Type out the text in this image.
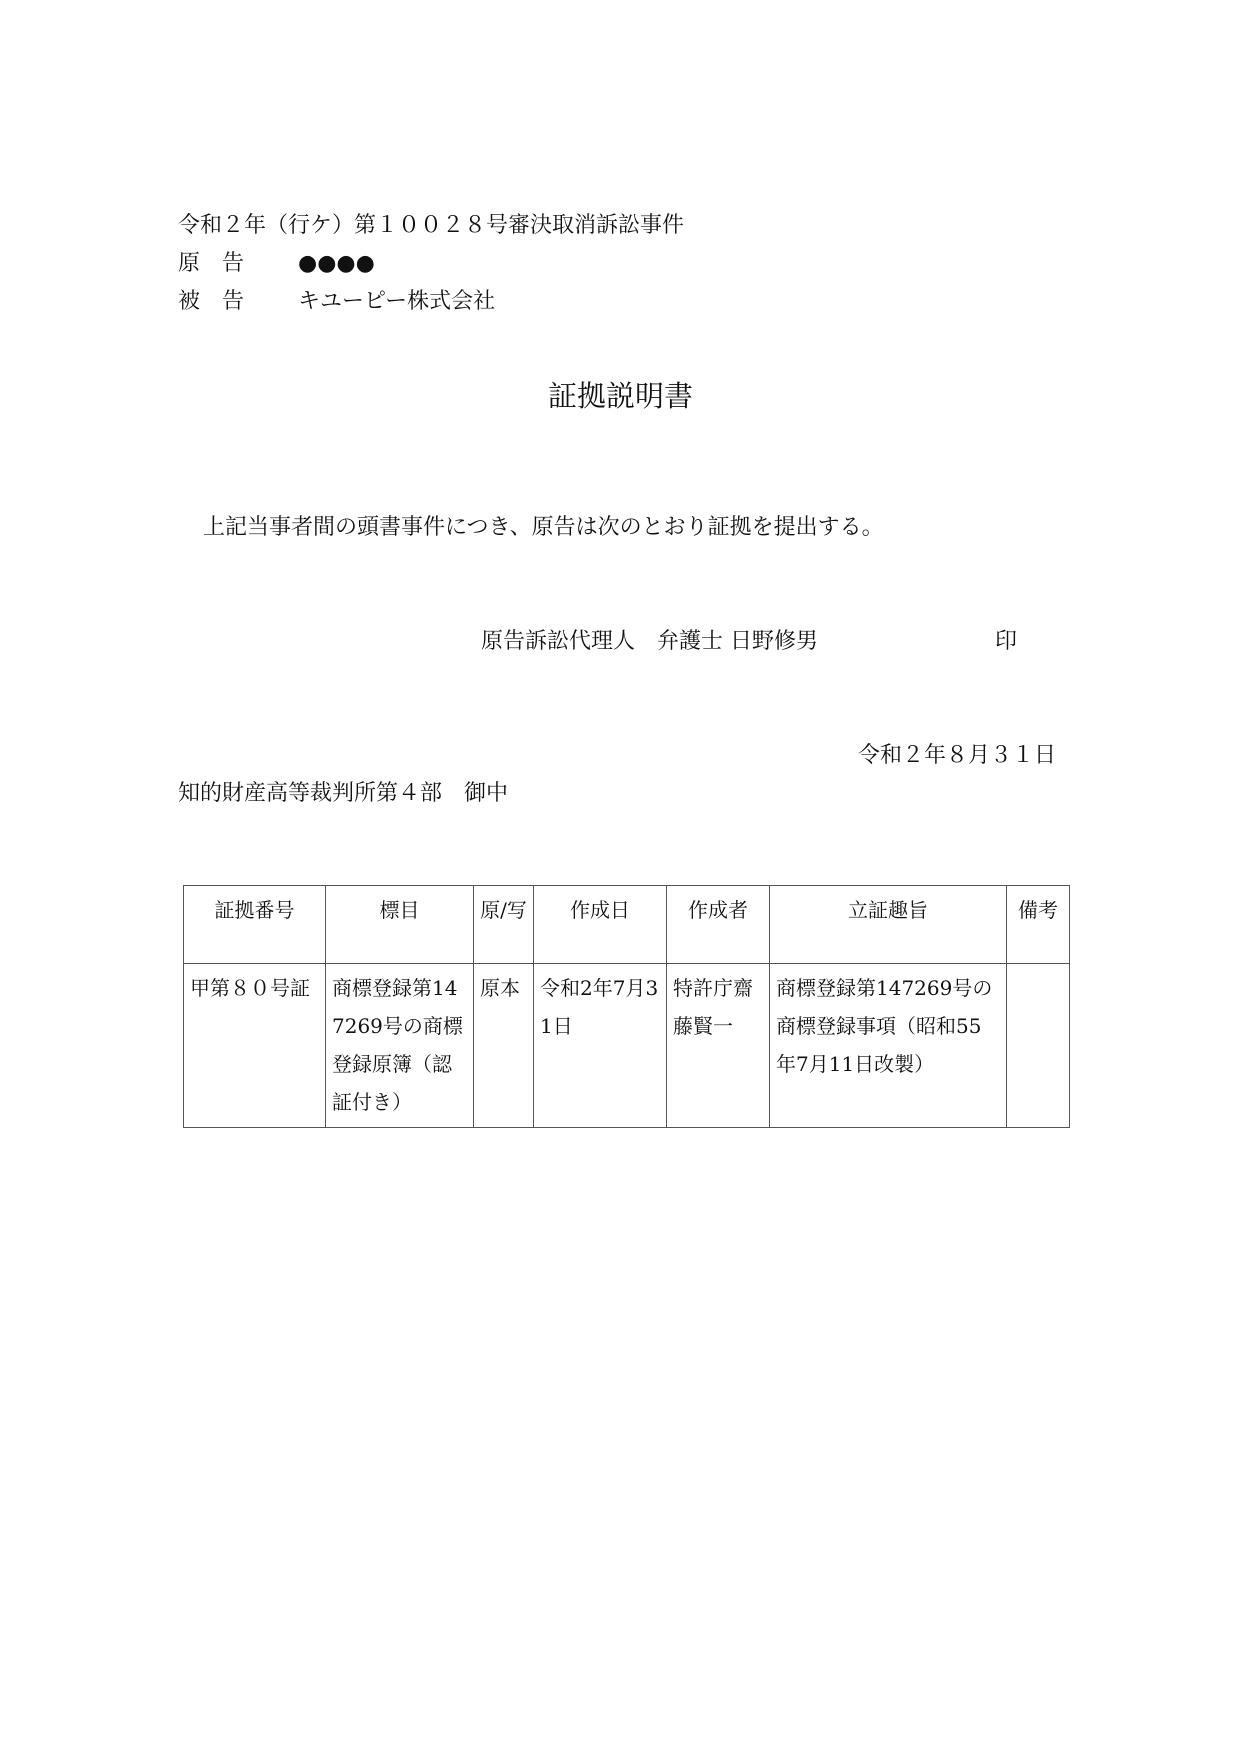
令和２年（行ケ）第１００２８号審決取消訴訟事件
原　告 ●●●●
被　告 キユーピー株式会社
証拠説明書
上記当事者間の頭書事件につき、原告は次のとおり証拠を提出する。
原告訴訟代理人　弁護士 日野修男	印
令和２年８月３１日
知的財産高等裁判所第４部　御中
証拠番号	標目	原/写	作成日	作成者	立証趣旨	備考
甲第８０号証	商標登録第147269号の商標登録原簿（認証付き）	原本	令和2年7月31日	特許庁齋藤賢一	商標登録第147269号の商標登録事項（昭和55年7月11日改製）	
